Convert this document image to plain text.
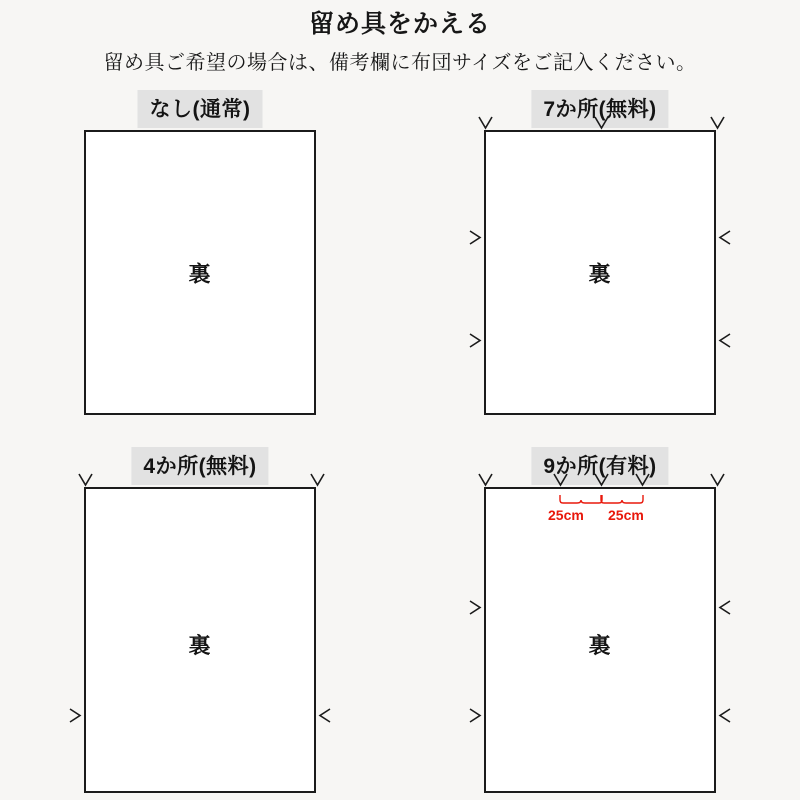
留め具をかえる
留め具ご希望の場合は、備考欄に布団サイズをご記入ください。
なし(通常)
裏
7か所(無料)
裏
4か所(無料)
裏
9か所(有料)
裏
25cm 25cm
